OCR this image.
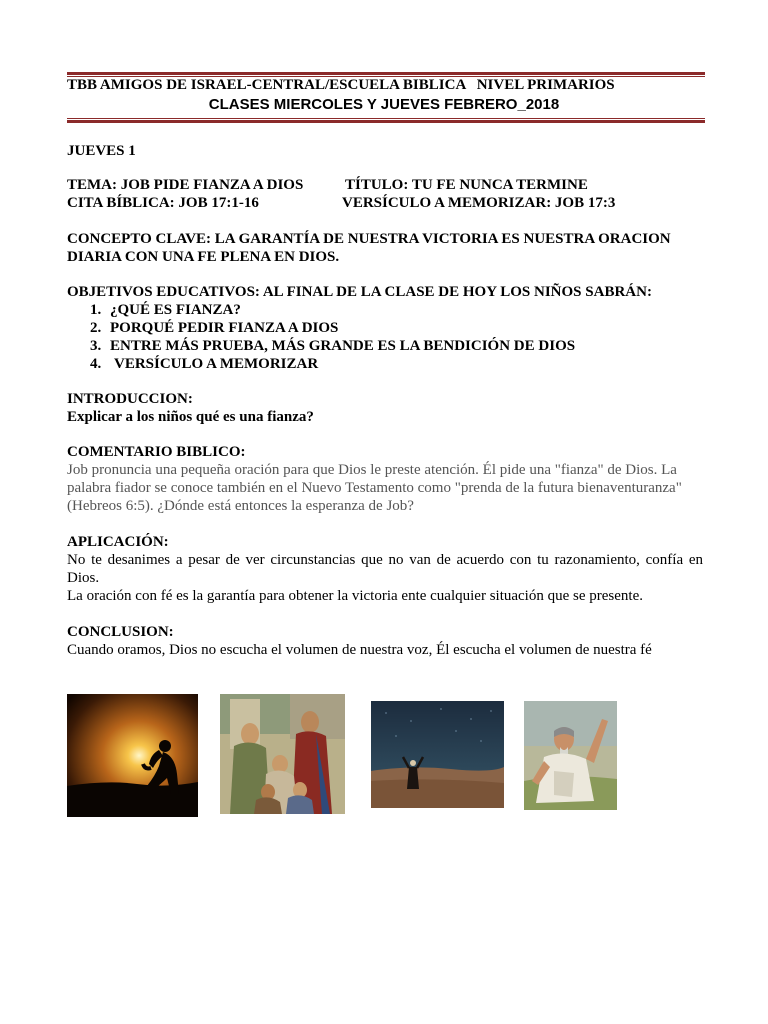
TBB AMIGOS DE ISRAEL-CENTRAL/ESCUELA BIBLICA   NIVEL PRIMARIOS
CLASES MIERCOLES Y JUEVES FEBRERO_2018
JUEVES 1
TEMA: JOB PIDE FIANZA A DIOS	TÍTULO: TU FE NUNCA TERMINE
CITA BÍBLICA: JOB 17:1-16	VERSÍCULO A MEMORIZAR: JOB 17:3
CONCEPTO CLAVE: LA GARANTÍA DE NUESTRA VICTORIA ES NUESTRA ORACION
DIARIA CON UNA FE PLENA EN DIOS.
OBJETIVOS EDUCATIVOS: AL FINAL DE LA CLASE DE HOY LOS NIÑOS SABRÁN:
1. ¿QUÉ ES FIANZA?
2. PORQUÉ PEDIR FIANZA A DIOS
3. ENTRE MÁS PRUEBA, MÁS GRANDE ES LA BENDICIÓN DE DIOS
4. VERSÍCULO A MEMORIZAR
INTRODUCCION:
Explicar a los niños qué es una fianza?
COMENTARIO BIBLICO:
Job pronuncia una pequeña oración para que Dios le preste atención. Él pide una "fianza" de Dios. La
palabra fiador se conoce también en el Nuevo Testamento como "prenda de la futura bienaventuranza"
(Hebreos 6:5). ¿Dónde está entonces la esperanza de Job?
APLICACIÓN:
No te desanimes a pesar de ver circunstancias que no van de acuerdo con tu razonamiento, confía en
Dios.
La oración con fé es la garantía para obtener la victoria ente cualquier situación que se presente.
CONCLUSION:
Cuando oramos, Dios no escucha el volumen de nuestra voz, Él escucha el volumen de nuestra fé
